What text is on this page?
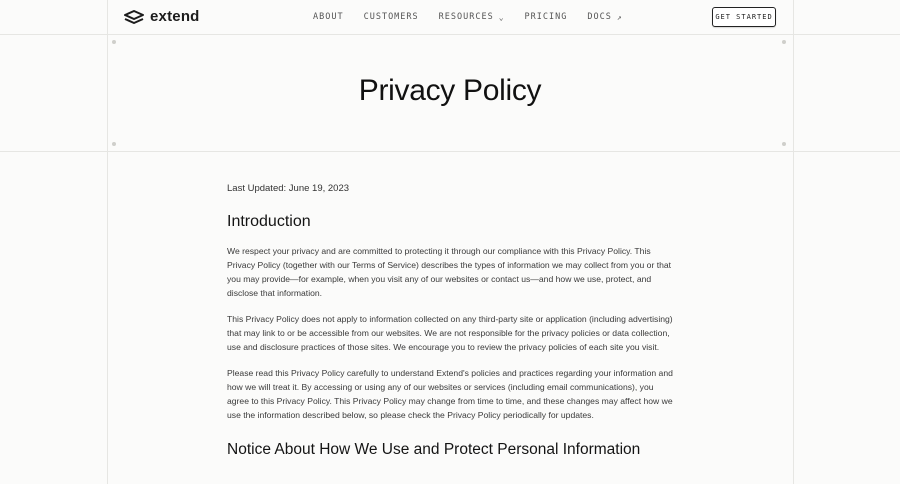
extend	ABOUT CUSTOMERS RESOURCES ⌄ PRICING DOCS ↗	GET STARTED
Privacy Policy

Last Updated: June 19, 2023

Introduction

We respect your privacy and are committed to protecting it through our compliance with this Privacy Policy. This Privacy Policy (together with our Terms of Service) describes the types of information we may collect from you or that you may provide—for example, when you visit any of our websites or contact us—and how we use, protect, and disclose that information.

This Privacy Policy does not apply to information collected on any third-party site or application (including advertising) that may link to or be accessible from our websites. We are not responsible for the privacy policies or data collection, use and disclosure practices of those sites. We encourage you to review the privacy policies of each site you visit.

Please read this Privacy Policy carefully to understand Extend's policies and practices regarding your information and how we will treat it. By accessing or using any of our websites or services (including email communications), you agree to this Privacy Policy. This Privacy Policy may change from time to time, and these changes may affect how we use the information described below, so please check the Privacy Policy periodically for updates.

Notice About How We Use and Protect Personal Information
